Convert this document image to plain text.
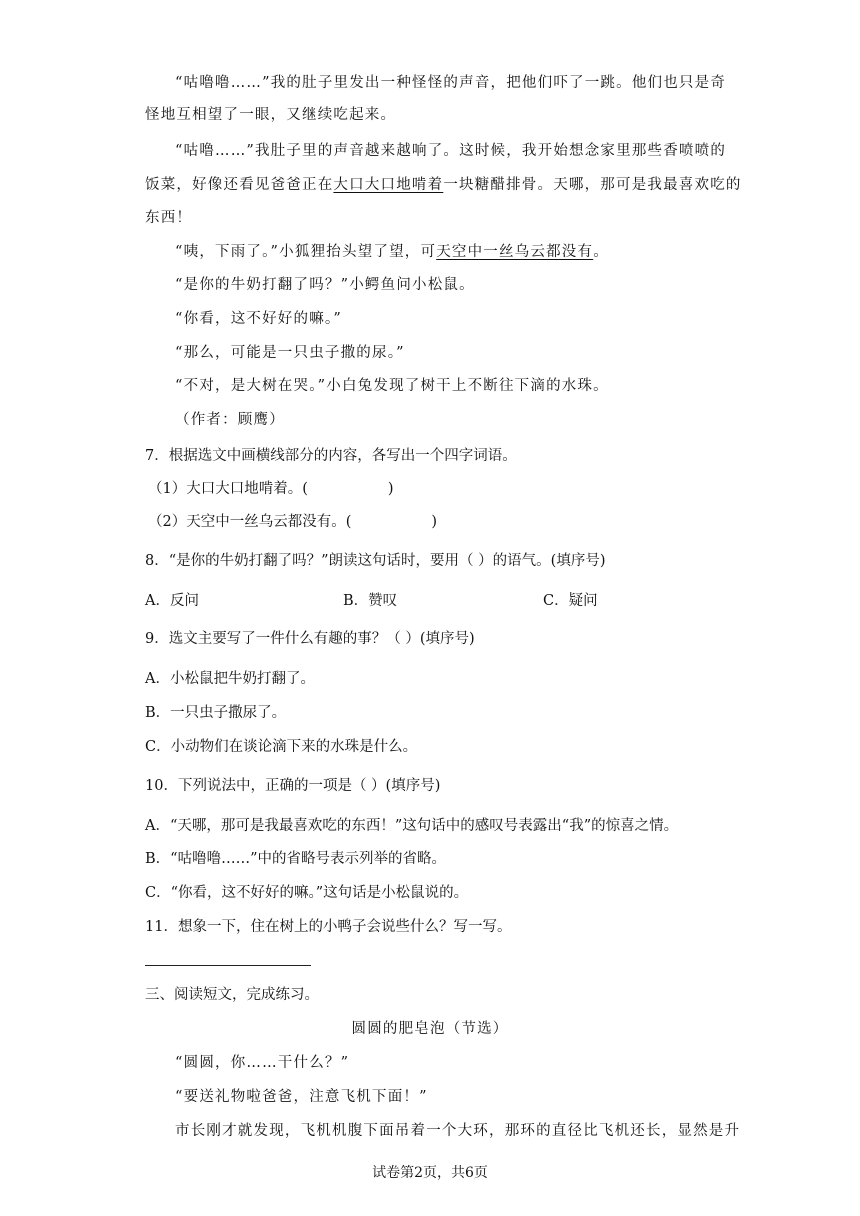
“咕噜噜……”我的肚子里发出一种怪怪的声音，把他们吓了一跳。他们也只是奇
怪地互相望了一眼，又继续吃起来。
“咕噜……”我肚子里的声音越来越响了。这时候，我开始想念家里那些香喷喷的
饭菜，好像还看见爸爸正在大口大口地啃着一块糖醋排骨。天哪，那可是我最喜欢吃的
东西！
“咦，下雨了。”小狐狸抬头望了望，可天空中一丝乌云都没有。
“是你的牛奶打翻了吗？”小鳄鱼问小松鼠。
“你看，这不好好的嘛。”
“那么，可能是一只虫子撒的尿。”
“不对，是大树在哭。”小白兔发现了树干上不断往下滴的水珠。
（作者：顾鹰）
7．根据选文中画横线部分的内容，各写出一个四字词语。
（1）大口大口地啃着。(	)
（2）天空中一丝乌云都没有。(	)
8．“是你的牛奶打翻了吗？”朗读这句话时，要用（ ）的语气。(填序号)
A．反问	B．赞叹	C．疑问
9．选文主要写了一件什么有趣的事？（ ）(填序号)
A．小松鼠把牛奶打翻了。
B．一只虫子撒尿了。
C．小动物们在谈论滴下来的水珠是什么。
10．下列说法中，正确的一项是（ ）(填序号)
A．“天哪，那可是我最喜欢吃的东西！”这句话中的感叹号表露出“我”的惊喜之情。
B．“咕噜噜……”中的省略号表示列举的省略。
C．“你看，这不好好的嘛。”这句话是小松鼠说的。
11．想象一下，住在树上的小鸭子会说些什么？写一写。
三、阅读短文，完成练习。
圆圆的肥皂泡（节选）
“圆圆，你……干什么？”
“要送礼物啦爸爸，注意飞机下面！”
市长刚才就发现，飞机机腹下面吊着一个大环，那环的直径比飞机还长，显然是升
试卷第2页，共6页
